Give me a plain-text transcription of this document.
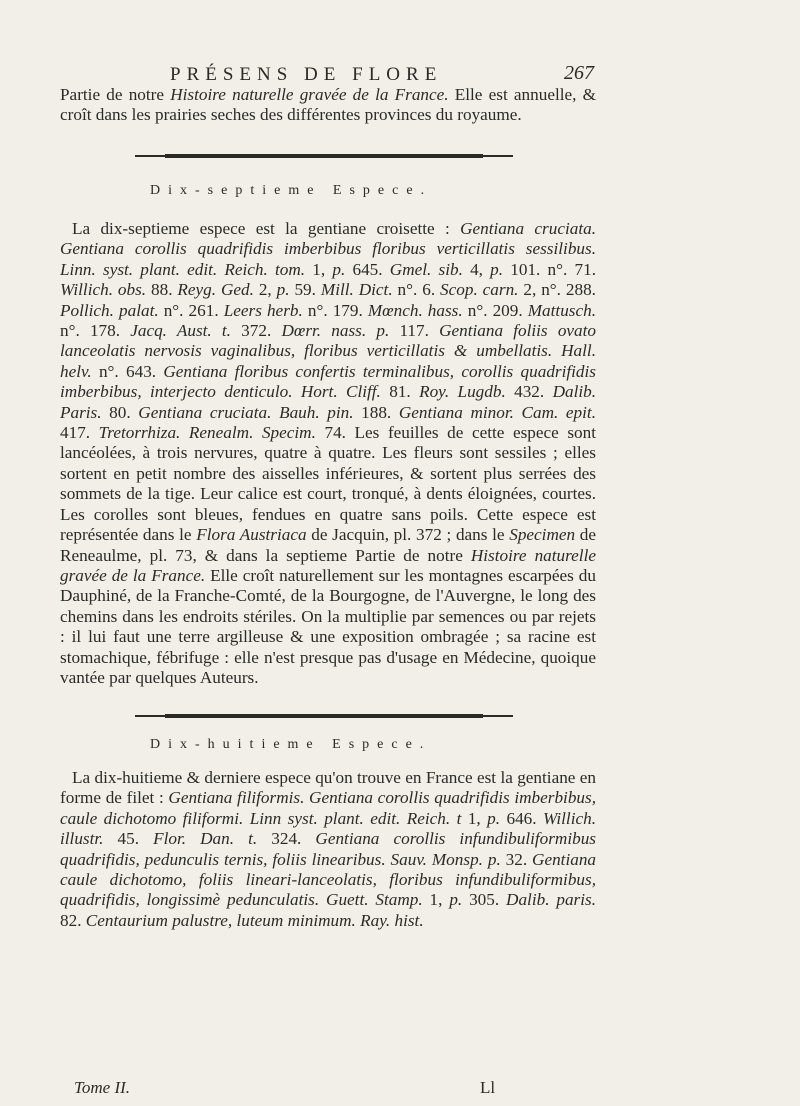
PRÉSENS DE FLORE	267
Partie de notre Histoire naturelle gravée de la France. Elle est annuelle, & croît dans les prairies seches des différentes provinces du royaume.
Dix-septieme Espece.

La dix-septieme espece est la gentiane croisette : Gentiana cruciata. Gentiana corollis quadrifidis imberbibus floribus verticillatis sessilibus. Linn. syst. plant. edit. Reich. tom. 1, p. 645. Gmel. sib. 4, p. 101. n°. 71. Willich. obs. 88. Reyg. Ged. 2, p. 59. Mill. Dict. n°. 6. Scop. carn. 2, n°. 288. Pollich. palat. n°. 261. Leers herb. n°. 179. Mœnch. hass. n°. 209. Mattusch. n°. 178. Jacq. Aust. t. 372. Dœrr. nass. p. 117. Gentiana foliis ovato lanceolatis nervosis vaginalibus, floribus verticillatis & umbellatis. Hall. helv. n°. 643. Gentiana floribus confertis terminalibus, corollis quadrifidis imberbibus, interjecto denticulo. Hort. Cliff. 81. Roy. Lugdb. 432. Dalib. Paris. 80. Gentiana cruciata. Bauh. pin. 188. Gentiana minor. Cam. epit. 417. Tretorrhiza. Renealm. Specim. 74. Les feuilles de cette espece sont lancéolées, à trois nervures, quatre à quatre. Les fleurs sont sessiles ; elles sortent en petit nombre des aisselles inférieures, & sortent plus serrées des sommets de la tige. Leur calice est court, tronqué, à dents éloignées, courtes. Les corolles sont bleues, fendues en quatre sans poils. Cette espece est représentée dans le Flora Austriaca de Jacquin, pl. 372 ; dans le Specimen de Reneaulme, pl. 73, & dans la septieme Partie de notre Histoire naturelle gravée de la France. Elle croît naturellement sur les montagnes escarpées du Dauphiné, de la Franche-Comté, de la Bourgogne, de l'Auvergne, le long des chemins dans les endroits stériles. On la multiplie par semences ou par rejets : il lui faut une terre argilleuse & une exposition ombragée ; sa racine est stomachique, fébrifuge : elle n'est presque pas d'usage en Médecine, quoique vantée par quelques Auteurs.

Dix-huitieme Espece.

La dix-huitieme & derniere espece qu'on trouve en France est la gentiane en forme de filet : Gentiana filiformis. Gentiana corollis quadrifidis imberbibus, caule dichotomo filiformi. Linn syst. plant. edit. Reich. t 1, p. 646. Willich. illustr. 45. Flor. Dan. t. 324. Gentiana corollis infundibuliformibus quadrifidis, pedunculis ternis, foliis linearibus. Sauv. Monsp. p. 32. Gentiana caule dichotomo, foliis lineari-lanceolatis, floribus infundibuliformibus, quadrifidis, longissimè pedunculatis. Guett. Stamp. 1, p. 305. Dalib. paris. 82. Centaurium palustre, luteum minimum. Ray. hist.

Tome II.	Ll
